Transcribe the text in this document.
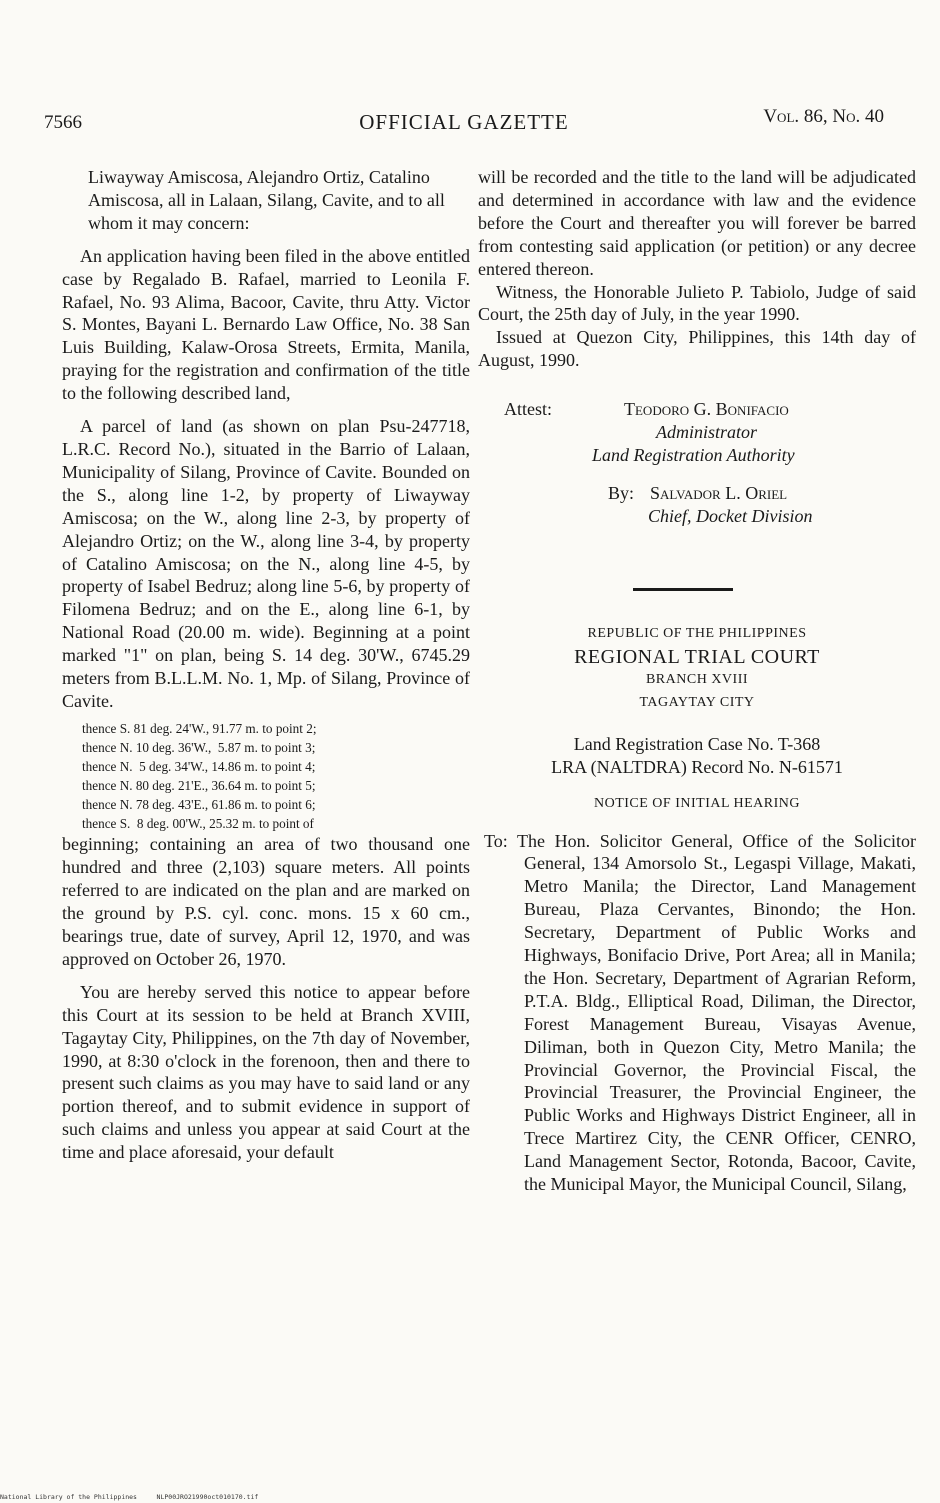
7566	OFFICIAL GAZETTE	Vol. 86, No. 40

Liwayway Amiscosa, Alejandro Ortiz, Catalino Amiscosa, all in Lalaan, Silang, Cavite, and to all whom it may concern:

An application having been filed in the above entitled case by Regalado B. Rafael, married to Leonila F. Rafael, No. 93 Alima, Bacoor, Cavite, thru Atty. Victor S. Montes, Bayani L. Bernardo Law Office, No. 38 San Luis Building, Kalaw-Orosa Streets, Ermita, Manila, praying for the registration and confirmation of the title to the following described land,

A parcel of land (as shown on plan Psu-247718, L.R.C. Record No.), situated in the Barrio of Lalaan, Municipality of Silang, Province of Cavite. Bounded on the S., along line 1-2, by property of Liwayway Amiscosa; on the W., along line 2-3, by property of Alejandro Ortiz; on the W., along line 3-4, by property of Catalino Amiscosa; on the N., along line 4-5, by property of Isabel Bedruz; along line 5-6, by property of Filomena Bedruz; and on the E., along line 6-1, by National Road (20.00 m. wide). Beginning at a point marked "1" on plan, being S. 14 deg. 30'W., 6745.29 meters from B.L.L.M. No. 1, Mp. of Silang, Province of Cavite.

thence S. 81 deg. 24'W., 91.77 m. to point 2;
thence N. 10 deg. 36'W.,  5.87 m. to point 3;
thence N.  5 deg. 34'W., 14.86 m. to point 4;
thence N. 80 deg. 21'E., 36.64 m. to point 5;
thence N. 78 deg. 43'E., 61.86 m. to point 6;
thence S.  8 deg. 00'W., 25.32 m. to point of

beginning; containing an area of two thousand one hundred and three (2,103) square meters. All points referred to are indicated on the plan and are marked on the ground by P.S. cyl. conc. mons. 15 x 60 cm., bearings true, date of survey, April 12, 1970, and was approved on October 26, 1970.

You are hereby served this notice to appear before this Court at its session to be held at Branch XVIII, Tagaytay City, Philippines, on the 7th day of November, 1990, at 8:30 o'clock in the forenoon, then and there to present such claims as you may have to said land or any portion thereof, and to submit evidence in support of such claims and unless you appear at said Court at the time and place aforesaid, your default

will be recorded and the title to the land will be adjudicated and determined in accordance with law and the evidence before the Court and thereafter you will forever be barred from contesting said application (or petition) or any decree entered thereon.

Witness, the Honorable Julieto P. Tabiolo, Judge of said Court, the 25th day of July, in the year 1990.

Issued at Quezon City, Philippines, this 14th day of August, 1990.

Attest:	Teodoro G. Bonifacio
Administrator
Land Registration Authority
By: Salvador L. Oriel
Chief, Docket Division

REPUBLIC OF THE PHILIPPINES

REGIONAL TRIAL COURT

BRANCH XVIII

TAGAYTAY CITY

Land Registration Case No. T-368

LRA (NALTDRA) Record No. N-61571

NOTICE OF INITIAL HEARING

To: The Hon. Solicitor General, Office of the Solicitor General, 134 Amorsolo St., Legaspi Village, Makati, Metro Manila; the Director, Land Management Bureau, Plaza Cervantes, Binondo; the Hon. Secretary, Department of Public Works and Highways, Bonifacio Drive, Port Area; all in Manila; the Hon. Secretary, Department of Agrarian Reform, P.T.A. Bldg., Elliptical Road, Diliman, the Director, Forest Management Bureau, Visayas Avenue, Diliman, both in Quezon City, Metro Manila; the Provincial Governor, the Provincial Fiscal, the Provincial Treasurer, the Provincial Engineer, the Public Works and Highways District Engineer, all in Trece Martirez City, the CENR Officer, CENRO, Land Management Sector, Rotonda, Bacoor, Cavite, the Municipal Mayor, the Municipal Council, Silang,

National Library of the Philippines	NLP00JRO21990oct010170.tif
